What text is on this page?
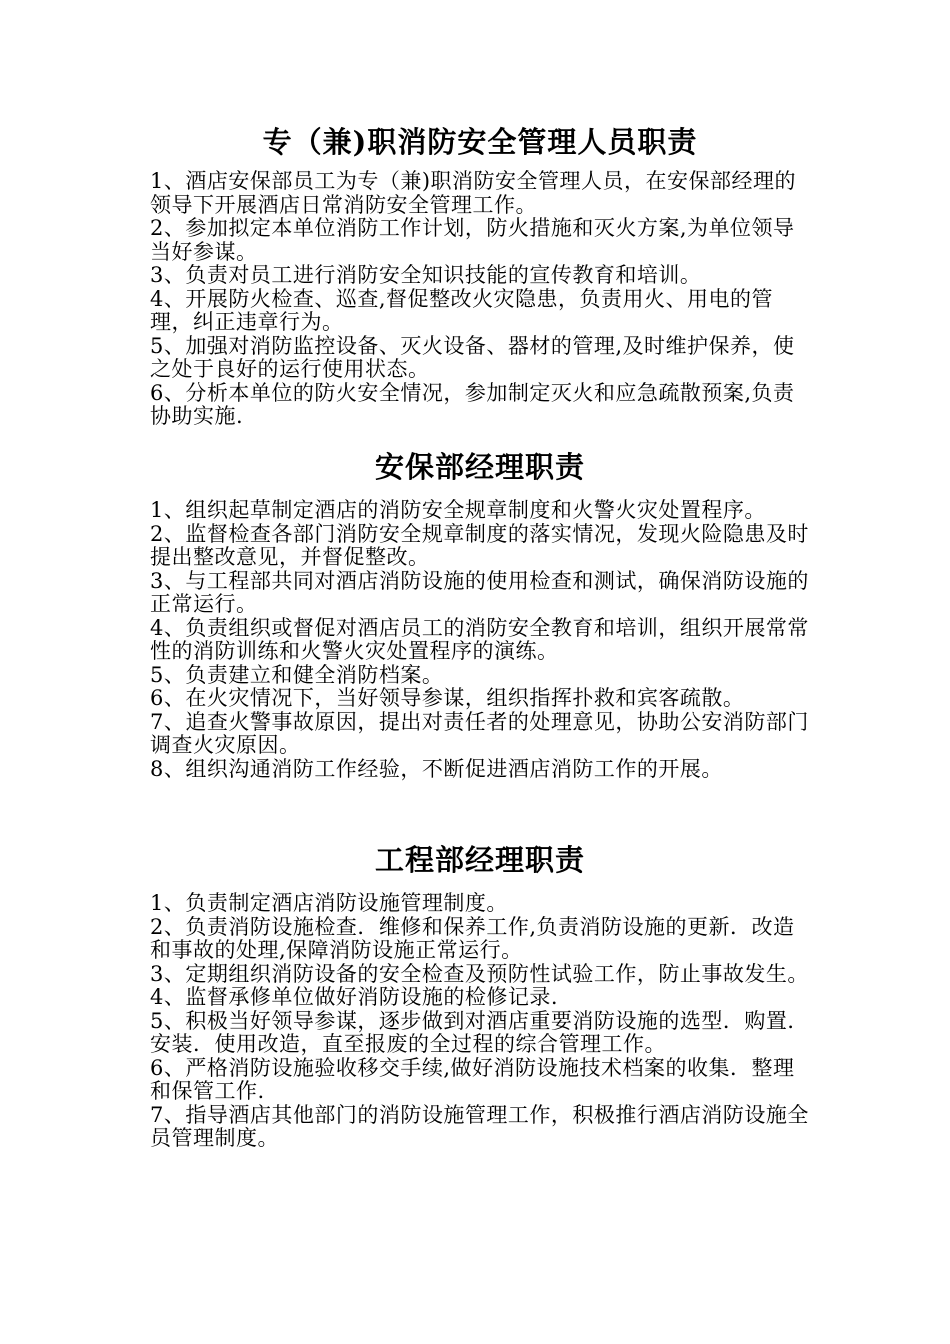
专（兼)职消防安全管理人员职责
1、酒店安保部员工为专（兼)职消防安全管理人员，在安保部经理的领导下开展酒店日常消防安全管理工作。
2、参加拟定本单位消防工作计划，防火措施和灭火方案,为单位领导当好参谋。
3、负责对员工进行消防安全知识技能的宣传教育和培训。
4、开展防火检查、巡查,督促整改火灾隐患，负责用火、用电的管理，纠正违章行为。
5、加强对消防监控设备、灭火设备、器材的管理,及时维护保养，使之处于良好的运行使用状态。
6、分析本单位的防火安全情况，参加制定灭火和应急疏散预案,负责协助实施.
安保部经理职责
1、组织起草制定酒店的消防安全规章制度和火警火灾处置程序。
2、监督检查各部门消防安全规章制度的落实情况，发现火险隐患及时提出整改意见，并督促整改。
3、与工程部共同对酒店消防设施的使用检查和测试，确保消防设施的正常运行。
4、负责组织或督促对酒店员工的消防安全教育和培训，组织开展常常性的消防训练和火警火灾处置程序的演练。
5、负责建立和健全消防档案。
6、在火灾情况下，当好领导参谋，组织指挥扑救和宾客疏散。
7、追查火警事故原因，提出对责任者的处理意见，协助公安消防部门调查火灾原因。
8、组织沟通消防工作经验，不断促进酒店消防工作的开展。
工程部经理职责
1、负责制定酒店消防设施管理制度。
2、负责消防设施检查．维修和保养工作,负责消防设施的更新．改造和事故的处理,保障消防设施正常运行。
3、定期组织消防设备的安全检查及预防性试验工作，防止事故发生。
4、监督承修单位做好消防设施的检修记录.
5、积极当好领导参谋，逐步做到对酒店重要消防设施的选型．购置．安装．使用改造，直至报废的全过程的综合管理工作。
6、严格消防设施验收移交手续,做好消防设施技术档案的收集．整理和保管工作.
7、指导酒店其他部门的消防设施管理工作，积极推行酒店消防设施全员管理制度。
